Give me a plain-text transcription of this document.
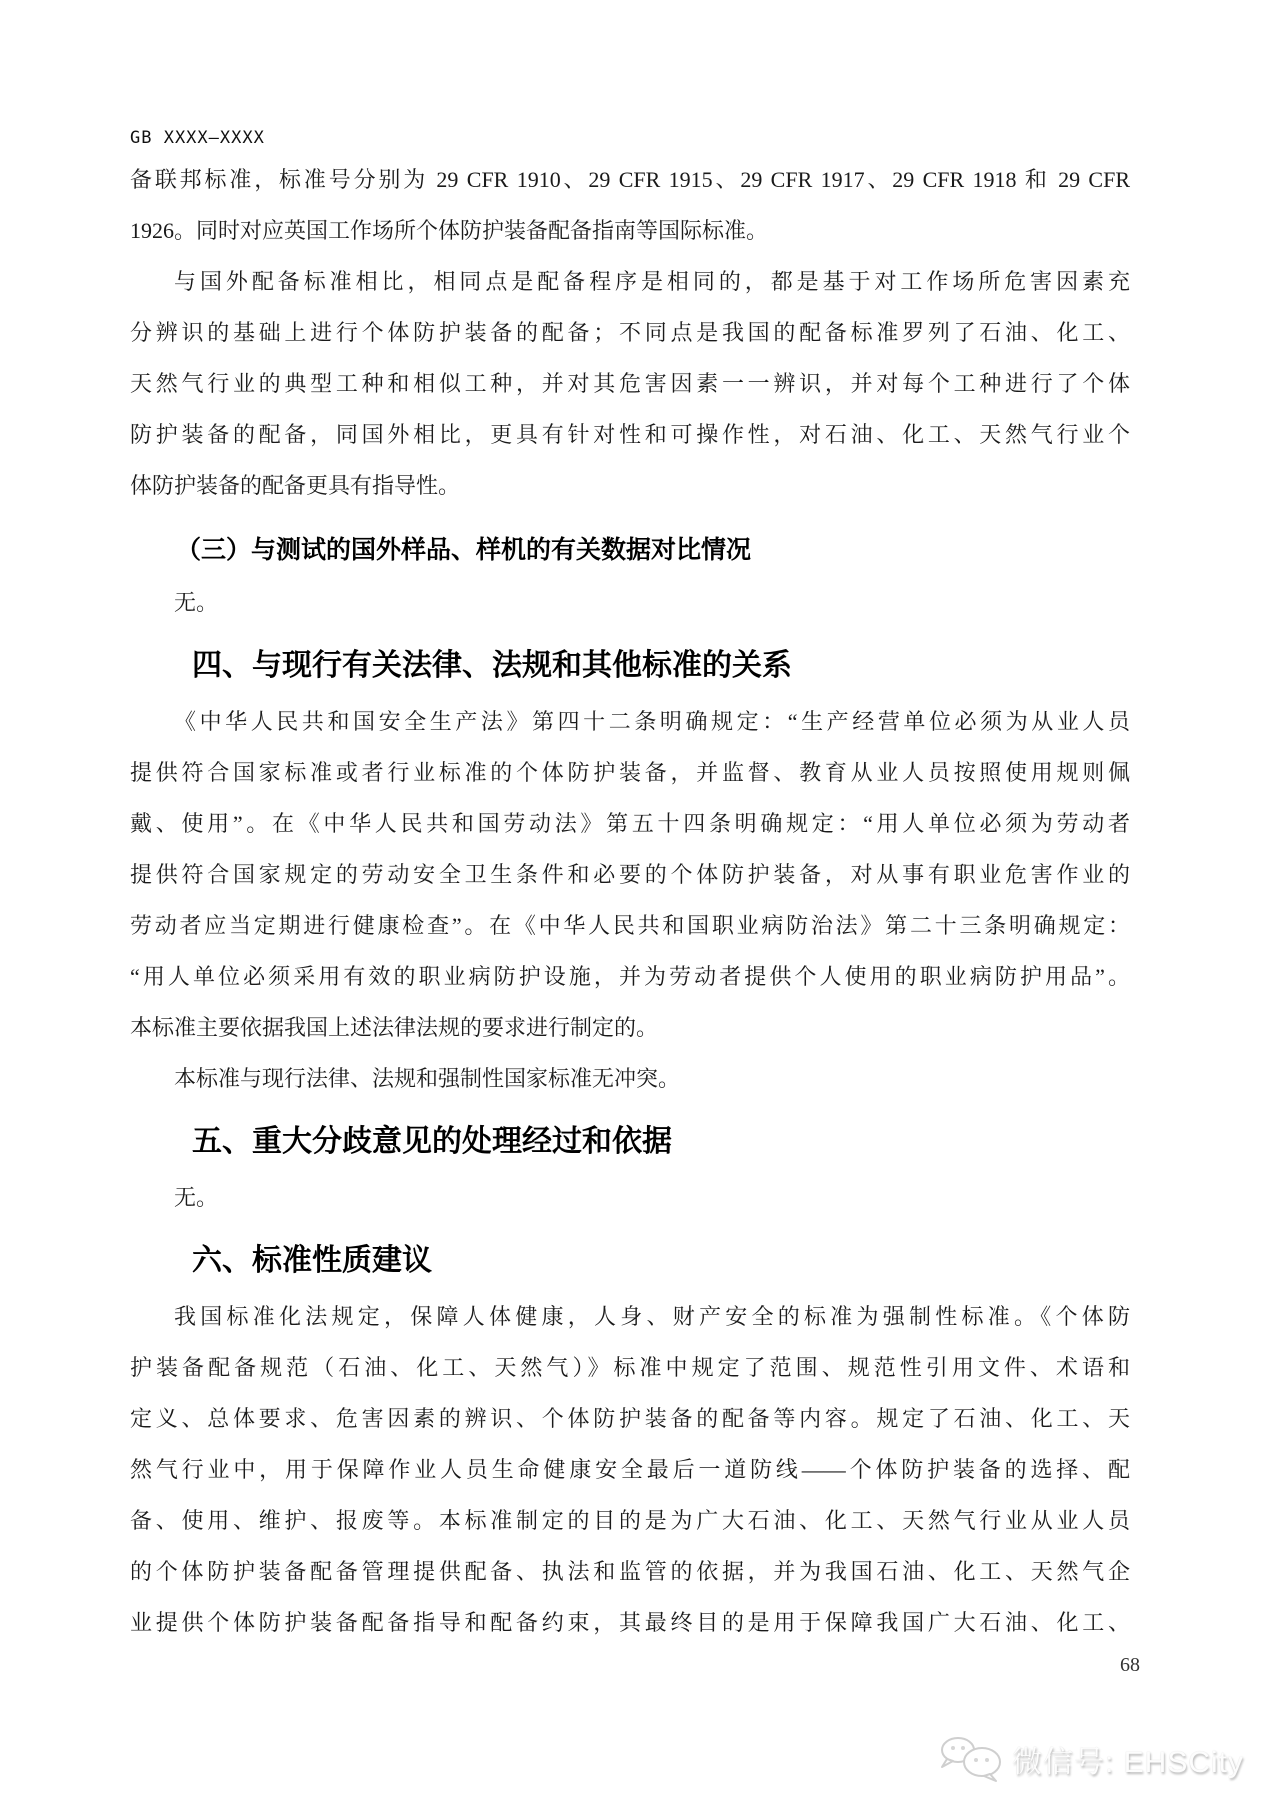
GB XXXX—XXXX
备联邦标准，标准号分别为 29 CFR 1910、29 CFR 1915、29 CFR 1917、29 CFR 1918 和 29 CFR
1926。同时对应英国工作场所个体防护装备配备指南等国际标准。
与国外配备标准相比，相同点是配备程序是相同的，都是基于对工作场所危害因素充
分辨识的基础上进行个体防护装备的配备；不同点是我国的配备标准罗列了石油、化工、
天然气行业的典型工种和相似工种，并对其危害因素一一辨识，并对每个工种进行了个体
防护装备的配备，同国外相比，更具有针对性和可操作性，对石油、化工、天然气行业个
体防护装备的配备更具有指导性。
（三）与测试的国外样品、样机的有关数据对比情况
无。
四、与现行有关法律、法规和其他标准的关系
《中华人民共和国安全生产法》第四十二条明确规定：“生产经营单位必须为从业人员
提供符合国家标准或者行业标准的个体防护装备，并监督、教育从业人员按照使用规则佩
戴、使用”。在《中华人民共和国劳动法》第五十四条明确规定：“用人单位必须为劳动者
提供符合国家规定的劳动安全卫生条件和必要的个体防护装备，对从事有职业危害作业的
劳动者应当定期进行健康检查”。在《中华人民共和国职业病防治法》第二十三条明确规定：
“用人单位必须采用有效的职业病防护设施，并为劳动者提供个人使用的职业病防护用品”。
本标准主要依据我国上述法律法规的要求进行制定的。
本标准与现行法律、法规和强制性国家标准无冲突。
五、重大分歧意见的处理经过和依据
无。
六、标准性质建议
我国标准化法规定，保障人体健康，人身、财产安全的标准为强制性标准。《个体防
护装备配备规范（石油、化工、天然气）》标准中规定了范围、规范性引用文件、术语和
定义、总体要求、危害因素的辨识、个体防护装备的配备等内容。规定了石油、化工、天
然气行业中，用于保障作业人员生命健康安全最后一道防线——个体防护装备的选择、配
备、使用、维护、报废等。本标准制定的目的是为广大石油、化工、天然气行业从业人员
的个体防护装备配备管理提供配备、执法和监管的依据，并为我国石油、化工、天然气企
业提供个体防护装备配备指导和配备约束，其最终目的是用于保障我国广大石油、化工、
68
微信号: EHSCity
